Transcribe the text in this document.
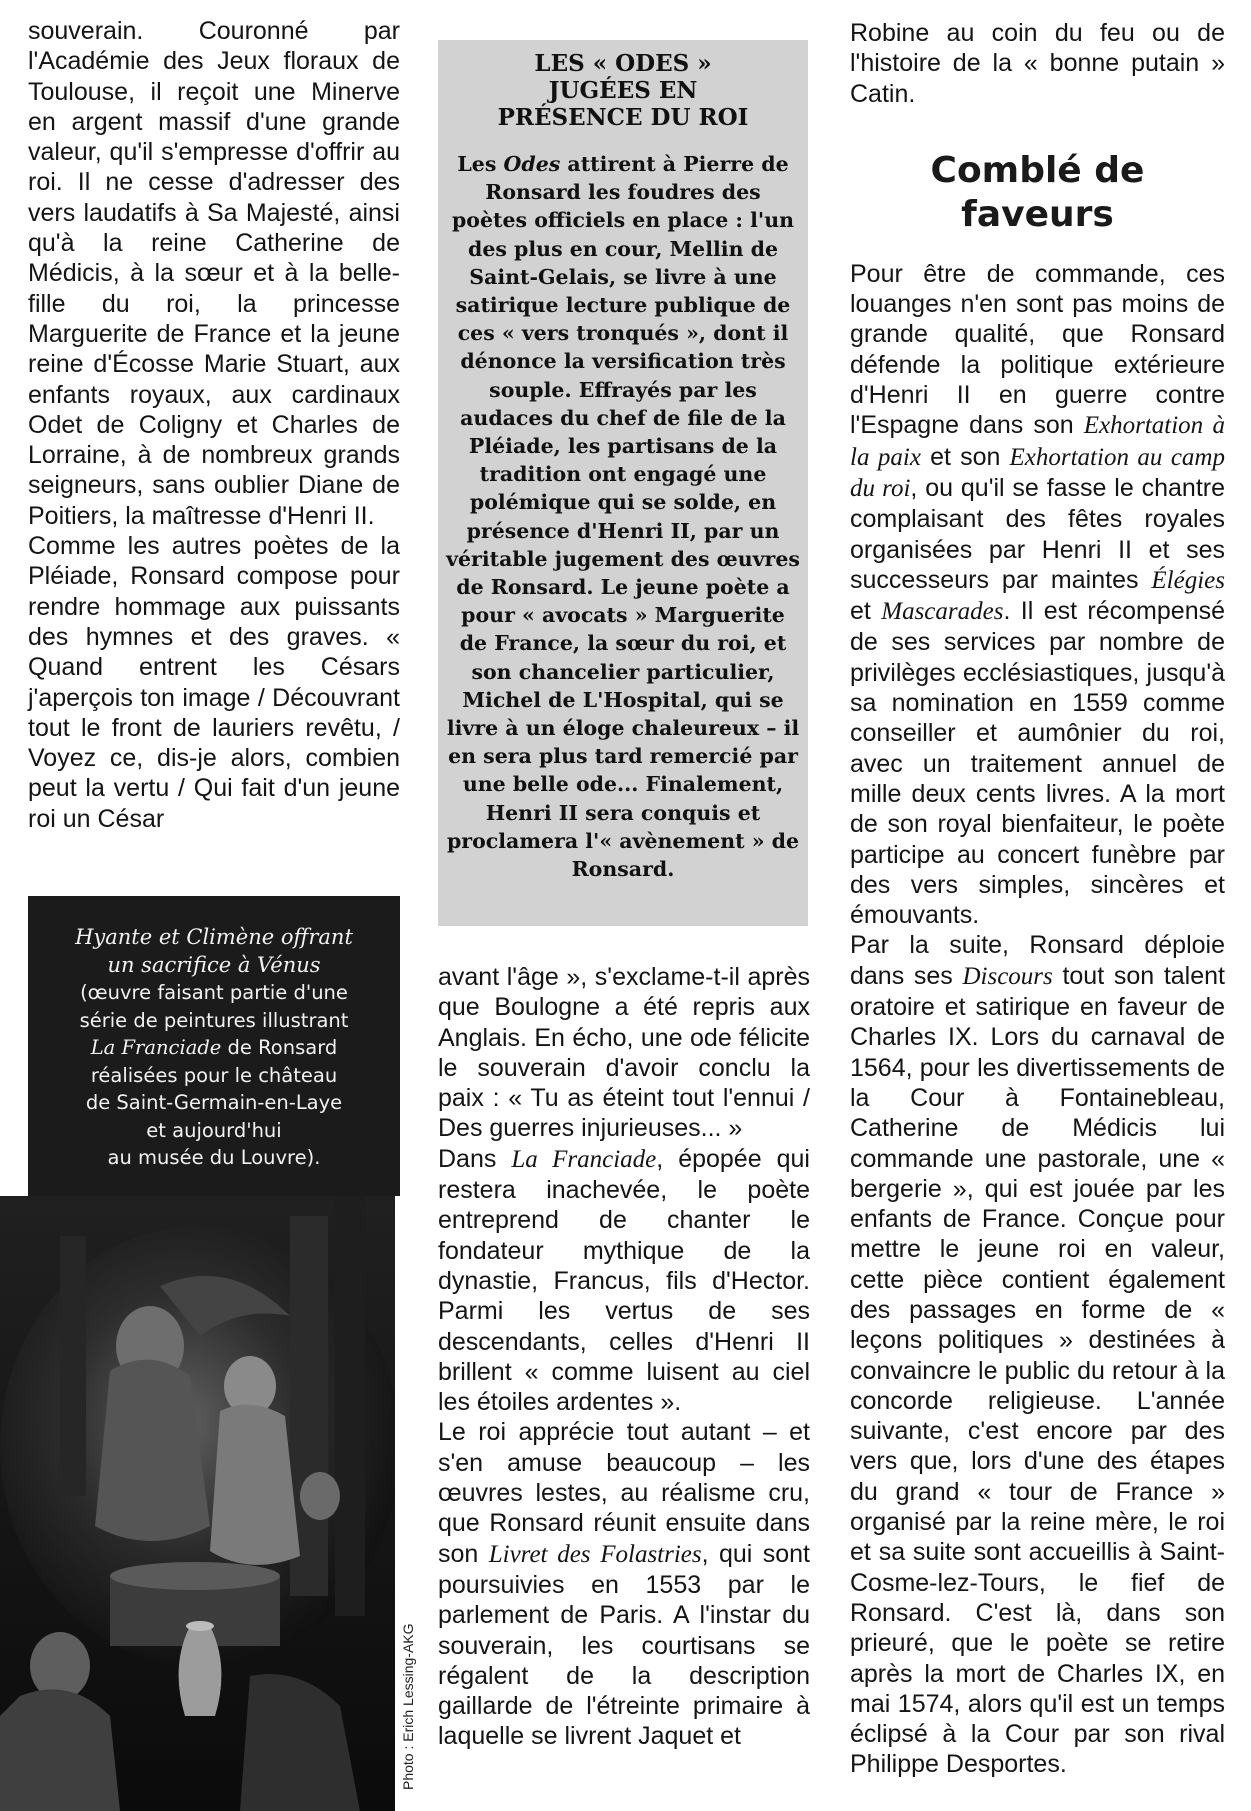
souverain. Couronné par l'Académie des Jeux floraux de Toulouse, il reçoit une Minerve en argent massif d'une grande valeur, qu'il s'empresse d'offrir au roi. Il ne cesse d'adresser des vers laudatifs à Sa Majesté, ainsi qu'à la reine Catherine de Médicis, à la sœur et à la belle-fille du roi, la princesse Marguerite de France et la jeune reine d'Écosse Marie Stuart, aux enfants royaux, aux cardinaux Odet de Coligny et Charles de Lorraine, à de nombreux grands seigneurs, sans oublier Diane de Poitiers, la maîtresse d'Henri II.

Comme les autres poètes de la Pléiade, Ronsard compose pour rendre hommage aux puissants des hymnes et des graves. « Quand entrent les Césars j'aperçois ton image / Découvrant tout le front de lauriers revêtu, / Voyez ce, dis-je alors, combien peut la vertu / Qui fait d'un jeune roi un César

Hyante et Climène offrant
un sacrifice à Vénus
(œuvre faisant partie d'une
série de peintures illustrant
La Franciade de Ronsard
réalisées pour le château
de Saint-Germain-en-Laye
et aujourd'hui
au musée du Louvre).
Photo : Erich Lessing-AKG
LES « ODES »
JUGÉES EN
PRÉSENCE DU ROI
Les Odes attirent à Pierre de Ronsard les foudres des poètes officiels en place : l'un des plus en cour, Mellin de Saint-Gelais, se livre à une satirique lecture publique de ces « vers tronqués », dont il dénonce la versification très souple. Effrayés par les audaces du chef de file de la Pléiade, les partisans de la tradition ont engagé une polémique qui se solde, en présence d'Henri II, par un véritable jugement des œuvres de Ronsard. Le jeune poète a pour « avocats » Marguerite de France, la sœur du roi, et son chancelier particulier, Michel de L'Hospital, qui se livre à un éloge chaleureux – il en sera plus tard remercié par une belle ode... Finalement, Henri II sera conquis et proclamera l'« avènement » de Ronsard.

avant l'âge », s'exclame-t-il après que Boulogne a été repris aux Anglais. En écho, une ode félicite le souverain d'avoir conclu la paix : « Tu as éteint tout l'ennui / Des guerres injurieuses... »

Dans La Franciade, épopée qui restera inachevée, le poète entreprend de chanter le fondateur mythique de la dynastie, Francus, fils d'Hector. Parmi les vertus de ses descendants, celles d'Henri II brillent « comme luisent au ciel les étoiles ardentes ».

Le roi apprécie tout autant – et s'en amuse beaucoup – les œuvres lestes, au réalisme cru, que Ronsard réunit ensuite dans son Livret des Folastries, qui sont poursuivies en 1553 par le parlement de Paris. A l'instar du souverain, les courtisans se régalent de la description gaillarde de l'étreinte primaire à laquelle se livrent Jaquet et

Robine au coin du feu ou de l'histoire de la « bonne putain » Catin.

Comblé de faveurs

Pour être de commande, ces louanges n'en sont pas moins de grande qualité, que Ronsard défende la politique extérieure d'Henri II en guerre contre l'Espagne dans son Exhortation à la paix et son Exhortation au camp du roi, ou qu'il se fasse le chantre complaisant des fêtes royales organisées par Henri II et ses successeurs par maintes Élégies et Mascarades. Il est récompensé de ses services par nombre de privilèges ecclésiastiques, jusqu'à sa nomination en 1559 comme conseiller et aumônier du roi, avec un traitement annuel de mille deux cents livres. A la mort de son royal bienfaiteur, le poète participe au concert funèbre par des vers simples, sincères et émouvants.

Par la suite, Ronsard déploie dans ses Discours tout son talent oratoire et satirique en faveur de Charles IX. Lors du carnaval de 1564, pour les divertissements de la Cour à Fontainebleau, Catherine de Médicis lui commande une pastorale, une « bergerie », qui est jouée par les enfants de France. Conçue pour mettre le jeune roi en valeur, cette pièce contient également des passages en forme de « leçons politiques » destinées à convaincre le public du retour à la concorde religieuse. L'année suivante, c'est encore par des vers que, lors d'une des étapes du grand « tour de France » organisé par la reine mère, le roi et sa suite sont accueillis à Saint-Cosme-lez-Tours, le fief de Ronsard. C'est là, dans son prieuré, que le poète se retire après la mort de Charles IX, en mai 1574, alors qu'il est un temps éclipsé à la Cour par son rival Philippe Desportes.
